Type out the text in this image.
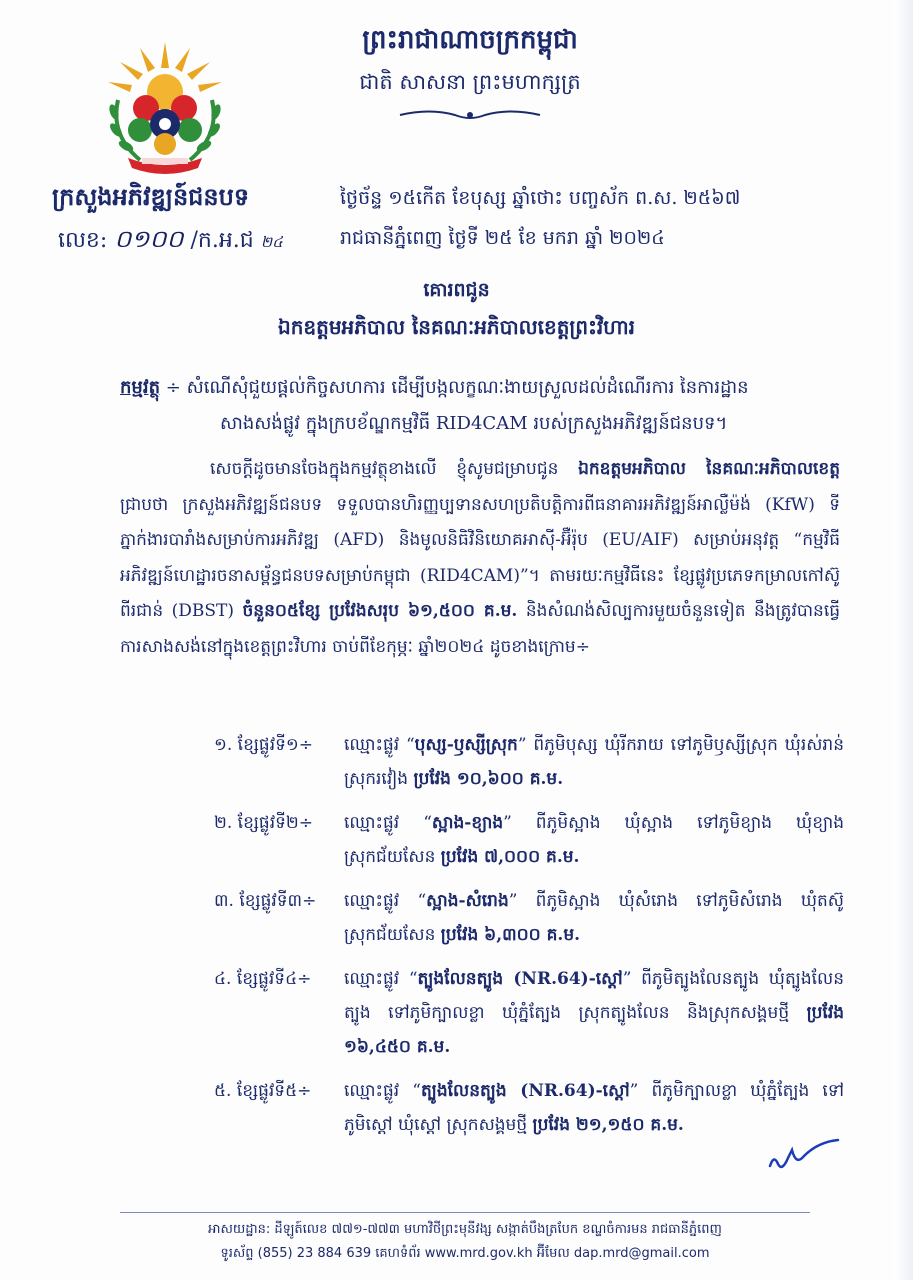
ព្រះរាជាណាចក្រកម្ពុជា
ជាតិ សាសនា ព្រះមហាក្សត្រ
ក្រសួងអភិវឌ្ឍន៍ជនបទ
លេខ: ០១០០ /ក.អ.ជ ២៤
ថ្ងៃច័ន្ទ ១៥កើត ខែបុស្ស ឆ្នាំថោះ បញ្ចស័ក ព.ស. ២៥៦៧
រាជធានីភ្នំពេញ ថ្ងៃទី ២៥ ខែ មករា ឆ្នាំ ២០២៤
គោរពជូន
ឯកឧត្តមអភិបាល នៃគណៈអភិបាលខេត្តព្រះវិហារ
កម្មវត្ថុ ÷ សំណើសុំជួយផ្តល់កិច្ចសហការ ដើម្បីបង្កលក្ខណៈងាយស្រួលដល់ដំណើរការ នៃការដ្ឋាន
សាងសង់ផ្លូវ ក្នុងក្របខ័ណ្ឌកម្មវិធី RID4CAM របស់ក្រសួងអភិវឌ្ឍន៍ជនបទ។
សេចក្តីដូចមានចែងក្នុងកម្មវត្ថុខាងលើ ខ្ញុំសូមជម្រាបជូន ឯកឧត្តមអភិបាល នៃគណៈអភិបាលខេត្ត ជ្រាបថា ក្រសួងអភិវឌ្ឍន៍ជនបទ ទទួលបានហិរញ្ញប្បទានសហប្រតិបត្តិការពីធនាគារអភិវឌ្ឍន៍អាល្លឺម៉ង់ (KfW) ទីភ្នាក់ងារបារាំងសម្រាប់ការអភិវឌ្ឍ (AFD) និងមូលនិធិវិនិយោគអាស៊ី-អ៊ឺរ៉ុប (EU/AIF) សម្រាប់អនុវត្ត “កម្មវិធីអភិវឌ្ឍន៍ហេដ្ឋារចនាសម្ព័ន្ធជនបទសម្រាប់កម្ពុជា (RID4CAM)”។ តាមរយៈកម្មវិធីនេះ ខ្សែផ្លូវប្រភេទកម្រាលកៅស៊ូពីរជាន់ (DBST) ចំនួន០៥ខ្សែ ប្រវែងសរុប ៦១,៥០០ គ.ម. និងសំណង់សិល្បការមួយចំនួនទៀត នឹងត្រូវបានធ្វើការសាងសង់នៅក្នុងខេត្តព្រះវិហារ ចាប់ពីខែកុម្ភៈ ឆ្នាំ២០២៤ ដូចខាងក្រោម÷
១. ខ្សែផ្លូវទី១÷	ឈ្មោះផ្លូវ “បុស្ស-ឫស្សីស្រុក” ពីភូមិបុស្ស ឃុំរីករាយ ទៅភូមិឫស្សីស្រុក ឃុំរស់រាន់ ស្រុករវៀង ប្រវែង ១០,៦០០ គ.ម.
២. ខ្សែផ្លូវទី២÷	ឈ្មោះផ្លូវ “ស្អាង-ខ្យាង” ពីភូមិស្អាង ឃុំស្អាង ទៅភូមិខ្យាង ឃុំខ្យាង ស្រុកជ័យសែន ប្រវែង ៧,០០០ គ.ម.
៣. ខ្សែផ្លូវទី៣÷	ឈ្មោះផ្លូវ “ស្អាង-សំរោង” ពីភូមិស្អាង ឃុំសំរោង ទៅភូមិសំរោង ឃុំតស៊ូ ស្រុកជ័យសែន ប្រវែង ៦,៣០០ គ.ម.
៤. ខ្សែផ្លូវទី៤÷	ឈ្មោះផ្លូវ “ត្បូងលែនត្បូង (NR.64)-ស្តៅ” ពីភូមិត្បូងលែនត្បូង ឃុំត្បូងលែនត្បូង ទៅភូមិក្បាលខ្លា ឃុំភ្នំត្បែង ស្រុកត្បូងលែន និងស្រុកសង្គមថ្មី ប្រវែង ១៦,៤៥០ គ.ម.
៥. ខ្សែផ្លូវទី៥÷	ឈ្មោះផ្លូវ “ត្បូងលែនត្បូង (NR.64)-ស្តៅ” ពីភូមិក្បាលខ្លា ឃុំភ្នំត្បែង ទៅភូមិស្តៅ ឃុំស្តៅ ស្រុកសង្គមថ្មី ប្រវែង ២១,១៥០ គ.ម.
អាសយដ្ឋាន: ដីឡូត៍លេខ ៧៧១-៧៧៣ មហាវិថីព្រះមុនីវង្ស សង្កាត់បឹងត្របែក ខណ្ឌចំការមន រាជធានីភ្នំពេញ
ទូរស័ព្ទ (855) 23 884 639 គេហទំព័រ www.mrd.gov.kh អ៊ីមែល dap.mrd@gmail.com
